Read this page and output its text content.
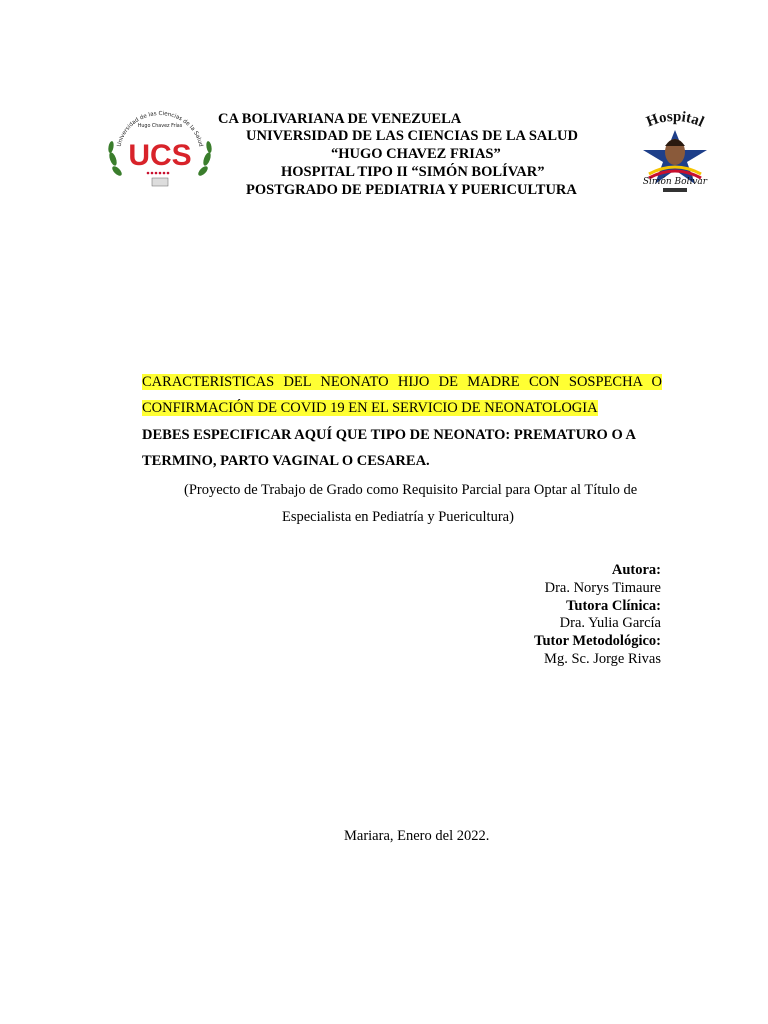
Universidad de las Ciencias de la Salud
Hugo Chavez Frías
UCS
CA BOLIVARIANA DE VENEZUELA
UNIVERSIDAD DE LAS CIENCIAS DE LA SALUD
“HUGO CHAVEZ FRIAS”
HOSPITAL TIPO II “SIMÓN BOLÍVAR”
POSTGRADO DE PEDIATRIA Y PUERICULTURA
Hospital
Simón Bolívar
CARACTERISTICAS DEL NEONATO HIJO DE MADRE CON SOSPECHA O
CONFIRMACIÓN DE COVID 19 EN EL SERVICIO DE NEONATOLOGIA
DEBES ESPECIFICAR AQUÍ QUE TIPO DE NEONATO: PREMATURO O A
TERMINO, PARTO VAGINAL O CESAREA.
(Proyecto de Trabajo de Grado como Requisito Parcial para Optar al Título de
Especialista en Pediatría y Puericultura)
Autora:
Dra. Norys Timaure
Tutora Clínica:
Dra. Yulia García
Tutor Metodológico:
Mg. Sc. Jorge Rivas
Mariara, Enero del 2022.
